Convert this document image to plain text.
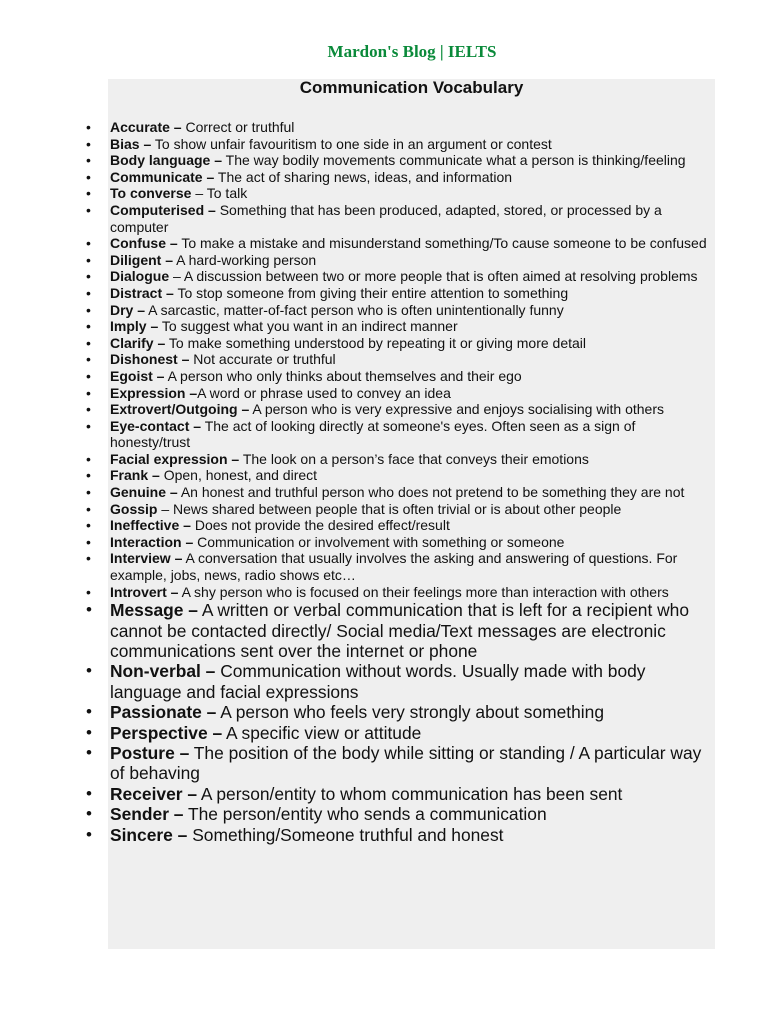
Mardon's Blog | IELTS
Communication Vocabulary
• Accurate – Correct or truthful
• Bias – To show unfair favouritism to one side in an argument or contest
• Body language – The way bodily movements communicate what a person is thinking/feeling
• Communicate – The act of sharing news, ideas, and information
• To converse – To talk
• Computerised – Something that has been produced, adapted, stored, or processed by a computer
• Confuse – To make a mistake and misunderstand something/To cause someone to be confused
• Diligent – A hard-working person
• Dialogue – A discussion between two or more people that is often aimed at resolving problems
• Distract – To stop someone from giving their entire attention to something
• Dry – A sarcastic, matter-of-fact person who is often unintentionally funny
• Imply – To suggest what you want in an indirect manner
• Clarify – To make something understood by repeating it or giving more detail
• Dishonest – Not accurate or truthful
• Egoist – A person who only thinks about themselves and their ego
• Expression –A word or phrase used to convey an idea
• Extrovert/Outgoing – A person who is very expressive and enjoys socialising with others
• Eye-contact – The act of looking directly at someone's eyes. Often seen as a sign of honesty/trust
• Facial expression – The look on a person’s face that conveys their emotions
• Frank – Open, honest, and direct
• Genuine – An honest and truthful person who does not pretend to be something they are not
• Gossip – News shared between people that is often trivial or is about other people
• Ineffective – Does not provide the desired effect/result
• Interaction – Communication or involvement with something or someone
• Interview – A conversation that usually involves the asking and answering of questions. For example, jobs, news, radio shows etc…
• Introvert – A shy person who is focused on their feelings more than interaction with others
• Message – A written or verbal communication that is left for a recipient who cannot be contacted directly/ Social media/Text messages are electronic communications sent over the internet or phone
• Non-verbal – Communication without words. Usually made with body language and facial expressions
• Passionate – A person who feels very strongly about something
• Perspective – A specific view or attitude
• Posture – The position of the body while sitting or standing / A particular way of behaving
• Receiver – A person/entity to whom communication has been sent
• Sender – The person/entity who sends a communication
• Sincere – Something/Someone truthful and honest
